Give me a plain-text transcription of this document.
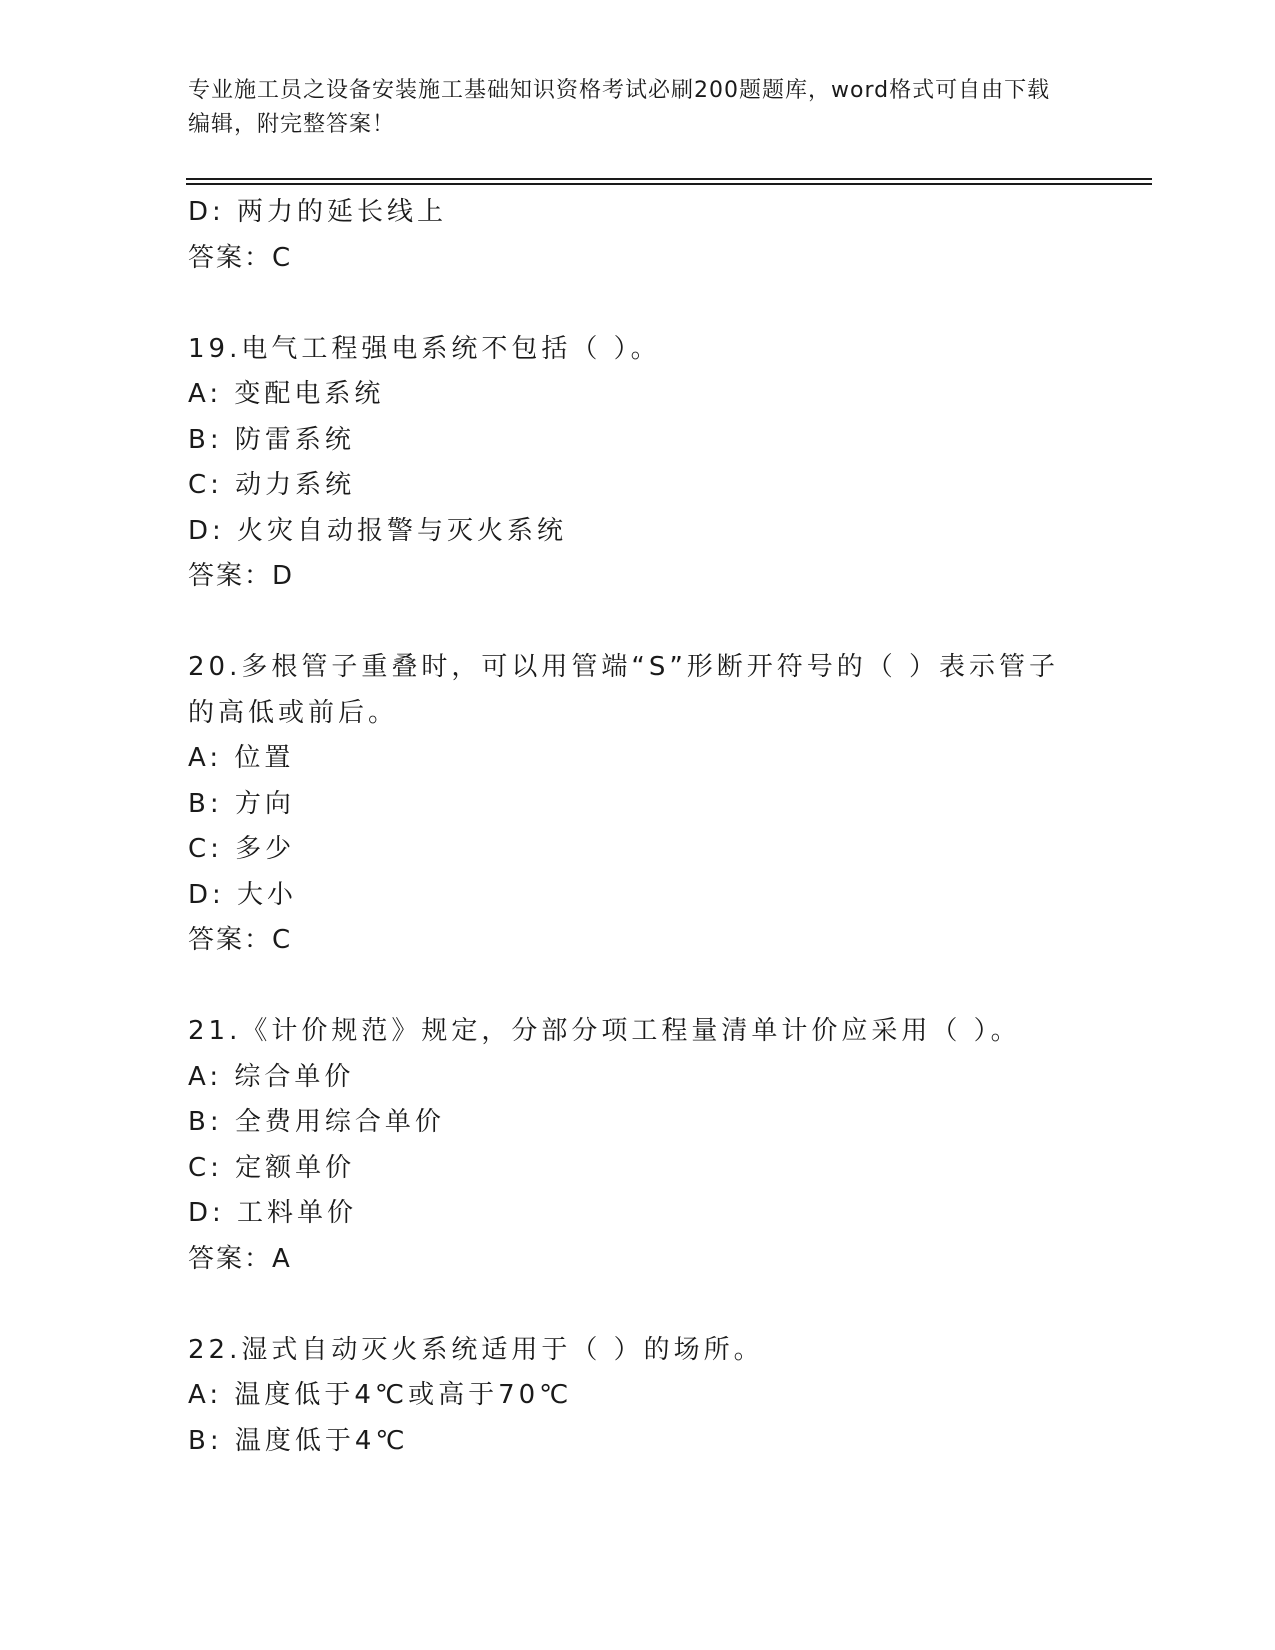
专业施工员之设备安装施工基础知识资格考试必刷200题题库，word格式可自由下载编辑，附完整答案！
D: 两力的延长线上
答案：C
19.电气工程强电系统不包括（ ）。
A: 变配电系统
B: 防雷系统
C: 动力系统
D: 火灾自动报警与灭火系统
答案：D
20.多根管子重叠时，可以用管端“S”形断开符号的（ ）表示管子的高低或前后。
A: 位置
B: 方向
C: 多少
D: 大小
答案：C
21.《计价规范》规定，分部分项工程量清单计价应采用（ ）。
A: 综合单价
B: 全费用综合单价
C: 定额单价
D: 工料单价
答案：A
22.湿式自动灭火系统适用于（ ）的场所。
A: 温度低于4℃或高于70℃
B: 温度低于4℃
